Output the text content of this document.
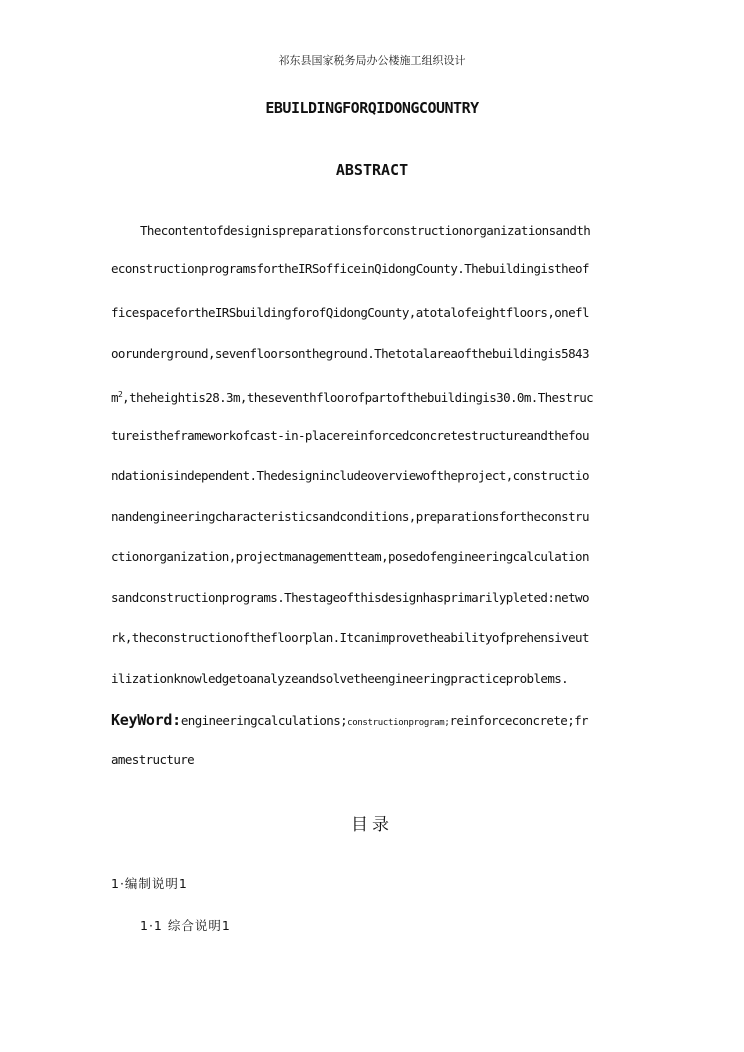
祁东县国家税务局办公楼施工组织设计
EBUILDINGFORQIDONGCOUNTRY
ABSTRACT
Thecontentofdesignispreparationsforconstructionorganizationsandth
econstructionprogramsfortheIRSofficeinQidongCounty.Thebuildingistheof
ficespacefortheIRSbuildingforofQidongCounty,atotalofeightfloors,onefl
oorunderground,sevenfloorsontheground.Thetotalareaofthebuildingis5843
$m^2,theheightis28.3m,theseventhfloorofpartofthebuildingis30.0m.Thestruc$
tureistheframeworkofcast-in-placereinforcedconcretestructureandthefou
ndationisindependent.Thedesignincludeoverviewoftheproject,constructio
nandengineeringcharacteristicsandconditions,preparationsfortheconstru
ctionorganization,projectmanagementteam,posedofengineeringcalculation
sandconstructionprograms.Thestageofthisdesignhasprimarilypleted:netwo
rk,theconstructionofthefloorplan.Itcanimprovetheabilityofprehensiveut
ilizationknowledgetoanalyzeandsolvetheengineeringpracticeproblems.
KeyWord:engineeringcalculations;constructionprogram;reinforceconcrete;fr
amestructure
目录
1·编制说明1
1·1 综合说明1
